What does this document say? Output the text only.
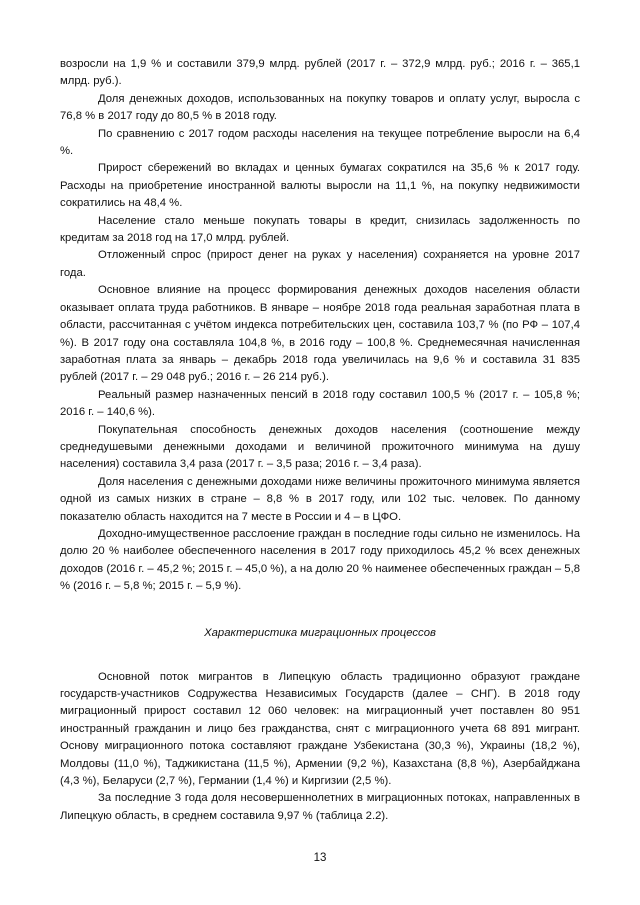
возросли на 1,9 % и составили 379,9 млрд. рублей (2017 г. – 372,9 млрд. руб.; 2016 г. – 365,1 млрд. руб.).
Доля денежных доходов, использованных на покупку товаров и оплату услуг, выросла с 76,8 % в 2017 году до 80,5 % в 2018 году.
По сравнению с 2017 годом расходы населения на текущее потребление выросли на 6,4 %.
Прирост сбережений во вкладах и ценных бумагах сократился на 35,6 % к 2017 году. Расходы на приобретение иностранной валюты выросли на 11,1 %, на покупку недвижимости сократились на 48,4 %.
Население стало меньше покупать товары в кредит, снизилась задолженность по кредитам за 2018 год на 17,0 млрд. рублей.
Отложенный спрос (прирост денег на руках у населения) сохраняется на уровне 2017 года.
Основное влияние на процесс формирования денежных доходов населения области оказывает оплата труда работников. В январе – ноябре 2018 года реальная заработная плата в области, рассчитанная с учётом индекса потребительских цен, составила 103,7 % (по РФ – 107,4 %). В 2017 году она составляла 104,8 %, в 2016 году – 100,8 %. Среднемесячная начисленная заработная плата за январь – декабрь 2018 года увеличилась на 9,6 % и составила 31 835 рублей (2017 г. – 29 048 руб.; 2016 г. – 26 214 руб.).
Реальный размер назначенных пенсий в 2018 году составил 100,5 % (2017 г. – 105,8 %; 2016 г. – 140,6 %).
Покупательная способность денежных доходов населения (соотношение между среднедушевыми денежными доходами и величиной прожиточного минимума на душу населения) составила 3,4 раза (2017 г. – 3,5 раза; 2016 г. – 3,4 раза).
Доля населения с денежными доходами ниже величины прожиточного минимума является одной из самых низких в стране – 8,8 % в 2017 году, или 102 тыс. человек. По данному показателю область находится на 7 месте в России и 4 – в ЦФО.
Доходно-имущественное расслоение граждан в последние годы сильно не изменилось. На долю 20 % наиболее обеспеченного населения в 2017 году приходилось 45,2 % всех денежных доходов (2016 г. – 45,2 %; 2015 г. – 45,0 %), а на долю 20 % наименее обеспеченных граждан – 5,8 % (2016 г. – 5,8 %; 2015 г. – 5,9 %).
Характеристика миграционных процессов
Основной поток мигрантов в Липецкую область традиционно образуют граждане государств-участников Содружества Независимых Государств (далее – СНГ). В 2018 году миграционный прирост составил 12 060 человек: на миграционный учет поставлен 80 951 иностранный гражданин и лицо без гражданства, снят с миграционного учета 68 891 мигрант. Основу миграционного потока составляют граждане Узбекистана (30,3 %), Украины (18,2 %), Молдовы (11,0 %), Таджикистана (11,5 %), Армении (9,2 %), Казахстана (8,8 %), Азербайджана (4,3 %), Беларуси (2,7 %), Германии (1,4 %) и Киргизии (2,5 %).
За последние 3 года доля несовершеннолетних в миграционных потоках, направленных в Липецкую область, в среднем составила 9,97 % (таблица 2.2).
13
